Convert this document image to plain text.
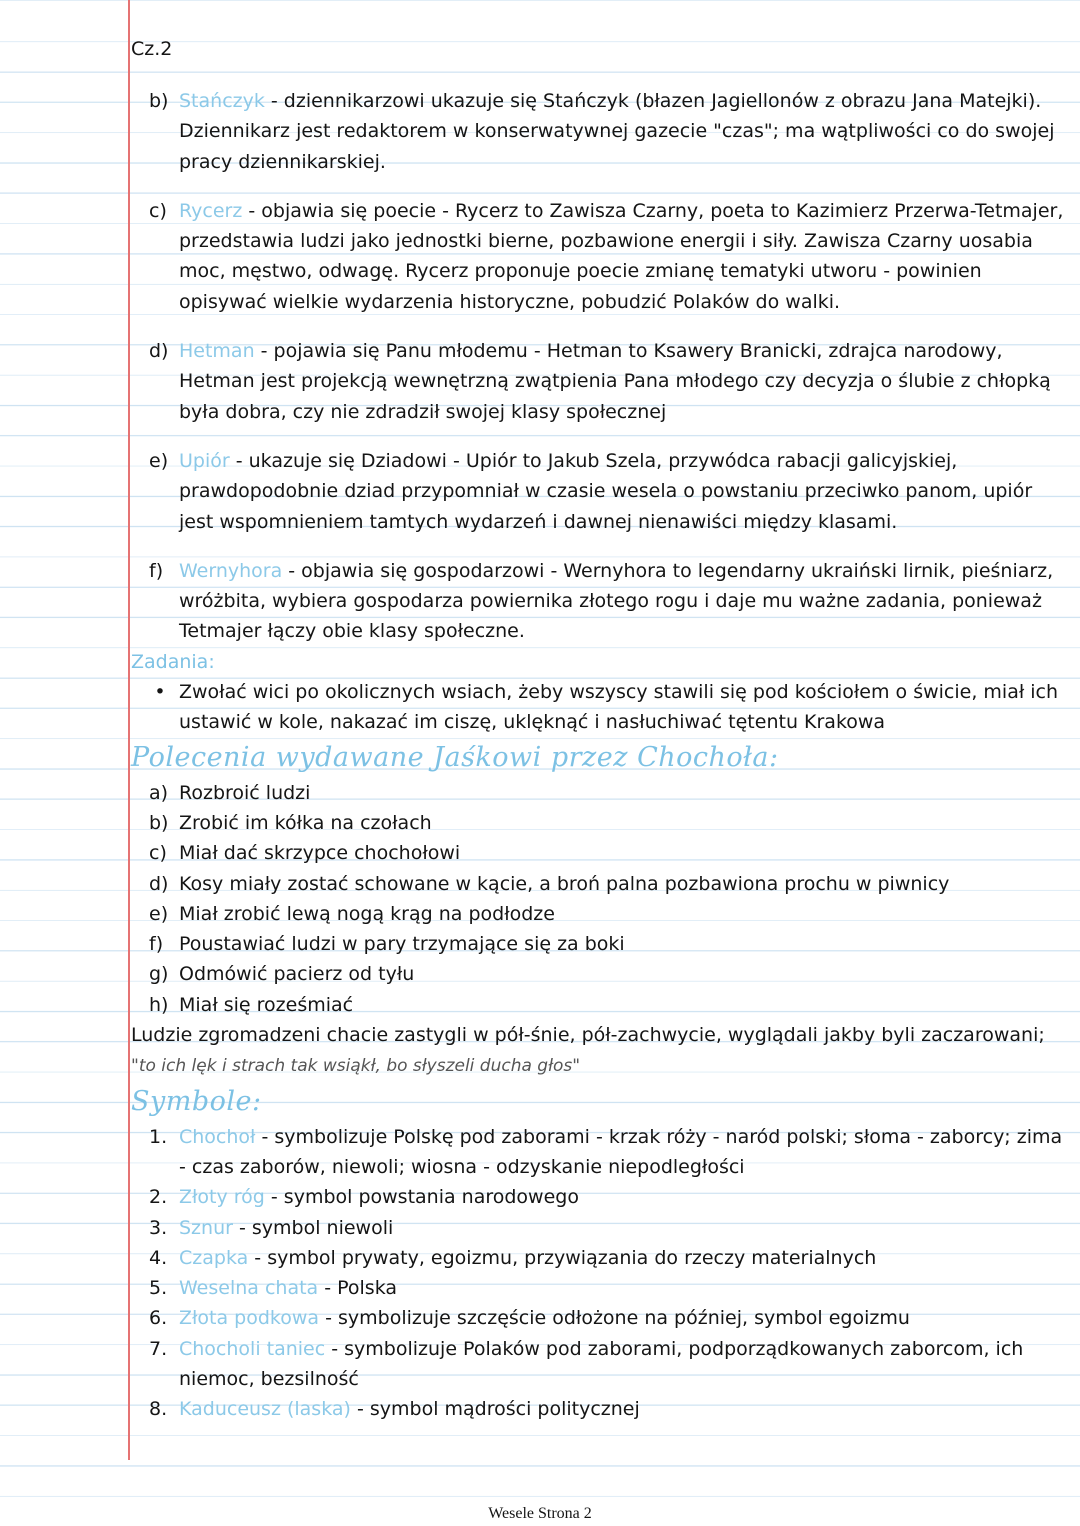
Cz.2
b) Stańczyk - dziennikarzowi ukazuje się Stańczyk (błazen Jagiellonów z obrazu Jana Matejki). Dziennikarz jest redaktorem w konserwatywnej gazecie "czas"; ma wątpliwości co do swojej pracy dziennikarskiej.
c) Rycerz - objawia się poecie - Rycerz to Zawisza Czarny, poeta to Kazimierz Przerwa-Tetmajer, przedstawia ludzi jako jednostki bierne, pozbawione energii i siły. Zawisza Czarny uosabia moc, męstwo, odwagę. Rycerz proponuje poecie zmianę tematyki utworu - powinien opisywać wielkie wydarzenia historyczne, pobudzić Polaków do walki.
d) Hetman - pojawia się Panu młodemu - Hetman to Ksawery Branicki, zdrajca narodowy, Hetman jest projekcją wewnętrzną zwątpienia Pana młodego czy decyzja o ślubie z chłopką była dobra, czy nie zdradził swojej klasy społecznej
e) Upiór - ukazuje się Dziadowi - Upiór to Jakub Szela, przywódca rabacji galicyjskiej, prawdopodobnie dziad przypomniał w czasie wesela o powstaniu przeciwko panom, upiór jest wspomnieniem tamtych wydarzeń i dawnej nienawiści między klasami.
f) Wernyhora - objawia się gospodarzowi - Wernyhora to legendarny ukraiński lirnik, pieśniarz, wróżbita, wybiera gospodarza powiernika złotego rogu i daje mu ważne zadania, ponieważ Tetmajer łączy obie klasy społeczne.
Zadania:
• Zwołać wici po okolicznych wsiach, żeby wszyscy stawili się pod kościołem o świcie, miał ich ustawić w kole, nakazać im ciszę, uklęknąć i nasłuchiwać tętentu Krakowa
Polecenia wydawane Jaśkowi przez Chochoła:
a) Rozbroić ludzi
b) Zrobić im kółka na czołach
c) Miał dać skrzypce chochołowi
d) Kosy miały zostać schowane w kącie, a broń palna pozbawiona prochu w piwnicy
e) Miał zrobić lewą nogą krąg na podłodze
f) Poustawiać ludzi w pary trzymające się za boki
g) Odmówić pacierz od tyłu
h) Miał się roześmiać
Ludzie zgromadzeni chacie zastygli w pół-śnie, pół-zachwycie, wyglądali jakby byli zaczarowani; "to ich lęk i strach tak wsiąkł, bo słyszeli ducha głos"
Symbole:
1. Chochoł - symbolizuje Polskę pod zaborami - krzak róży - naród polski; słoma - zaborcy; zima - czas zaborów, niewoli; wiosna - odzyskanie niepodległości
2. Złoty róg - symbol powstania narodowego
3. Sznur - symbol niewoli
4. Czapka - symbol prywaty, egoizmu, przywiązania do rzeczy materialnych
5. Weselna chata - Polska
6. Złota podkowa - symbolizuje szczęście odłożone na później, symbol egoizmu
7. Chocholi taniec - symbolizuje Polaków pod zaborami, podporządkowanych zaborcom, ich niemoc, bezsilność
8. Kaduceusz (laska) - symbol mądrości politycznej
Wesele Strona 2
